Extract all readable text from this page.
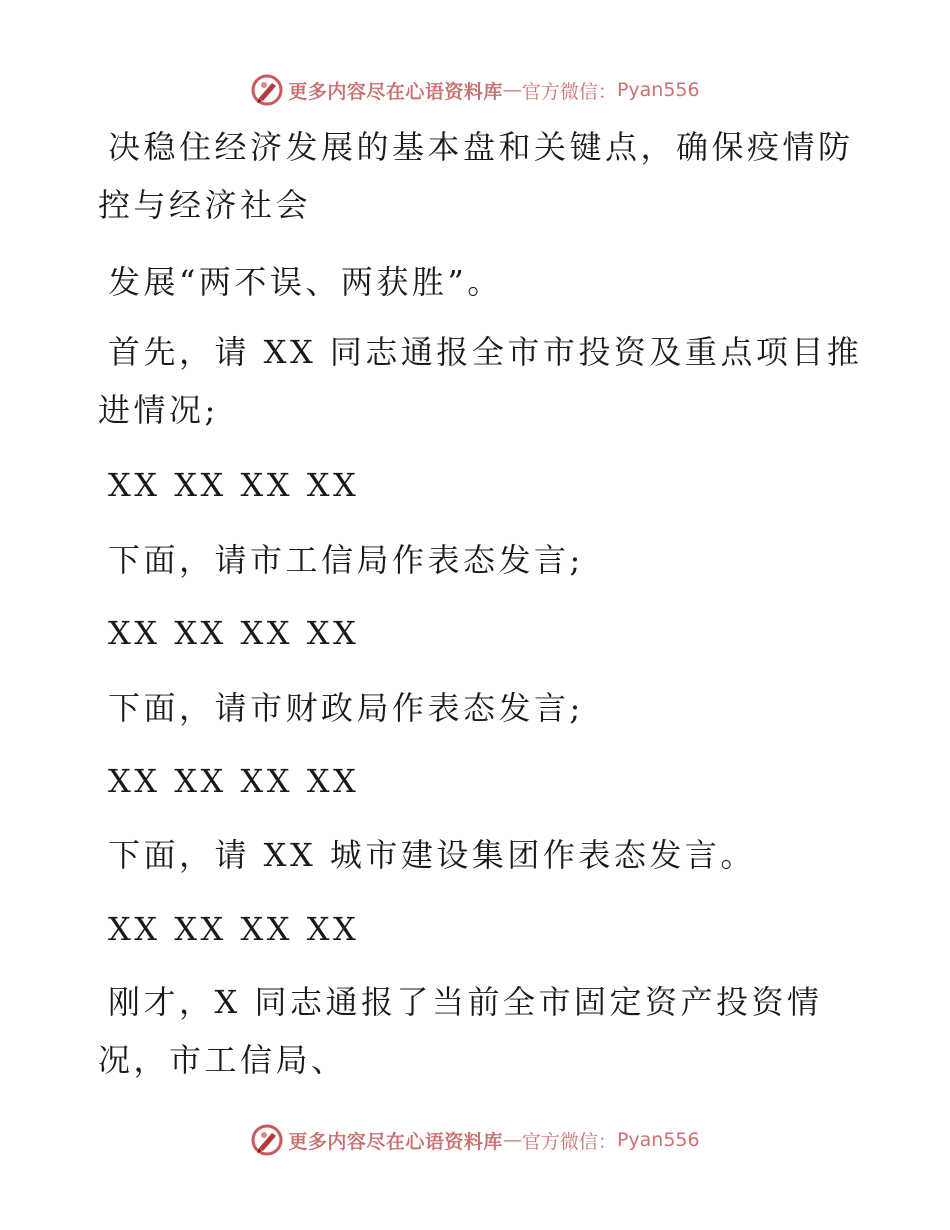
更多内容尽在心语资料库 — 官方微信： Pyan556
决稳住经济发展的基本盘和关键点，确保疫情防
控与经济社会
发展“两不误、两获胜”。
首先，请 XX 同志通报全市市投资及重点项目推
进情况;
XX XX XX XX
下面，请市工信局作表态发言;
XX XX XX XX
下面，请市财政局作表态发言;
XX XX XX XX
下面，请 XX 城市建设集团作表态发言。
XX XX XX XX
刚才，X 同志通报了当前全市固定资产投资情
况，市工信局、
更多内容尽在心语资料库 — 官方微信： Pyan556
